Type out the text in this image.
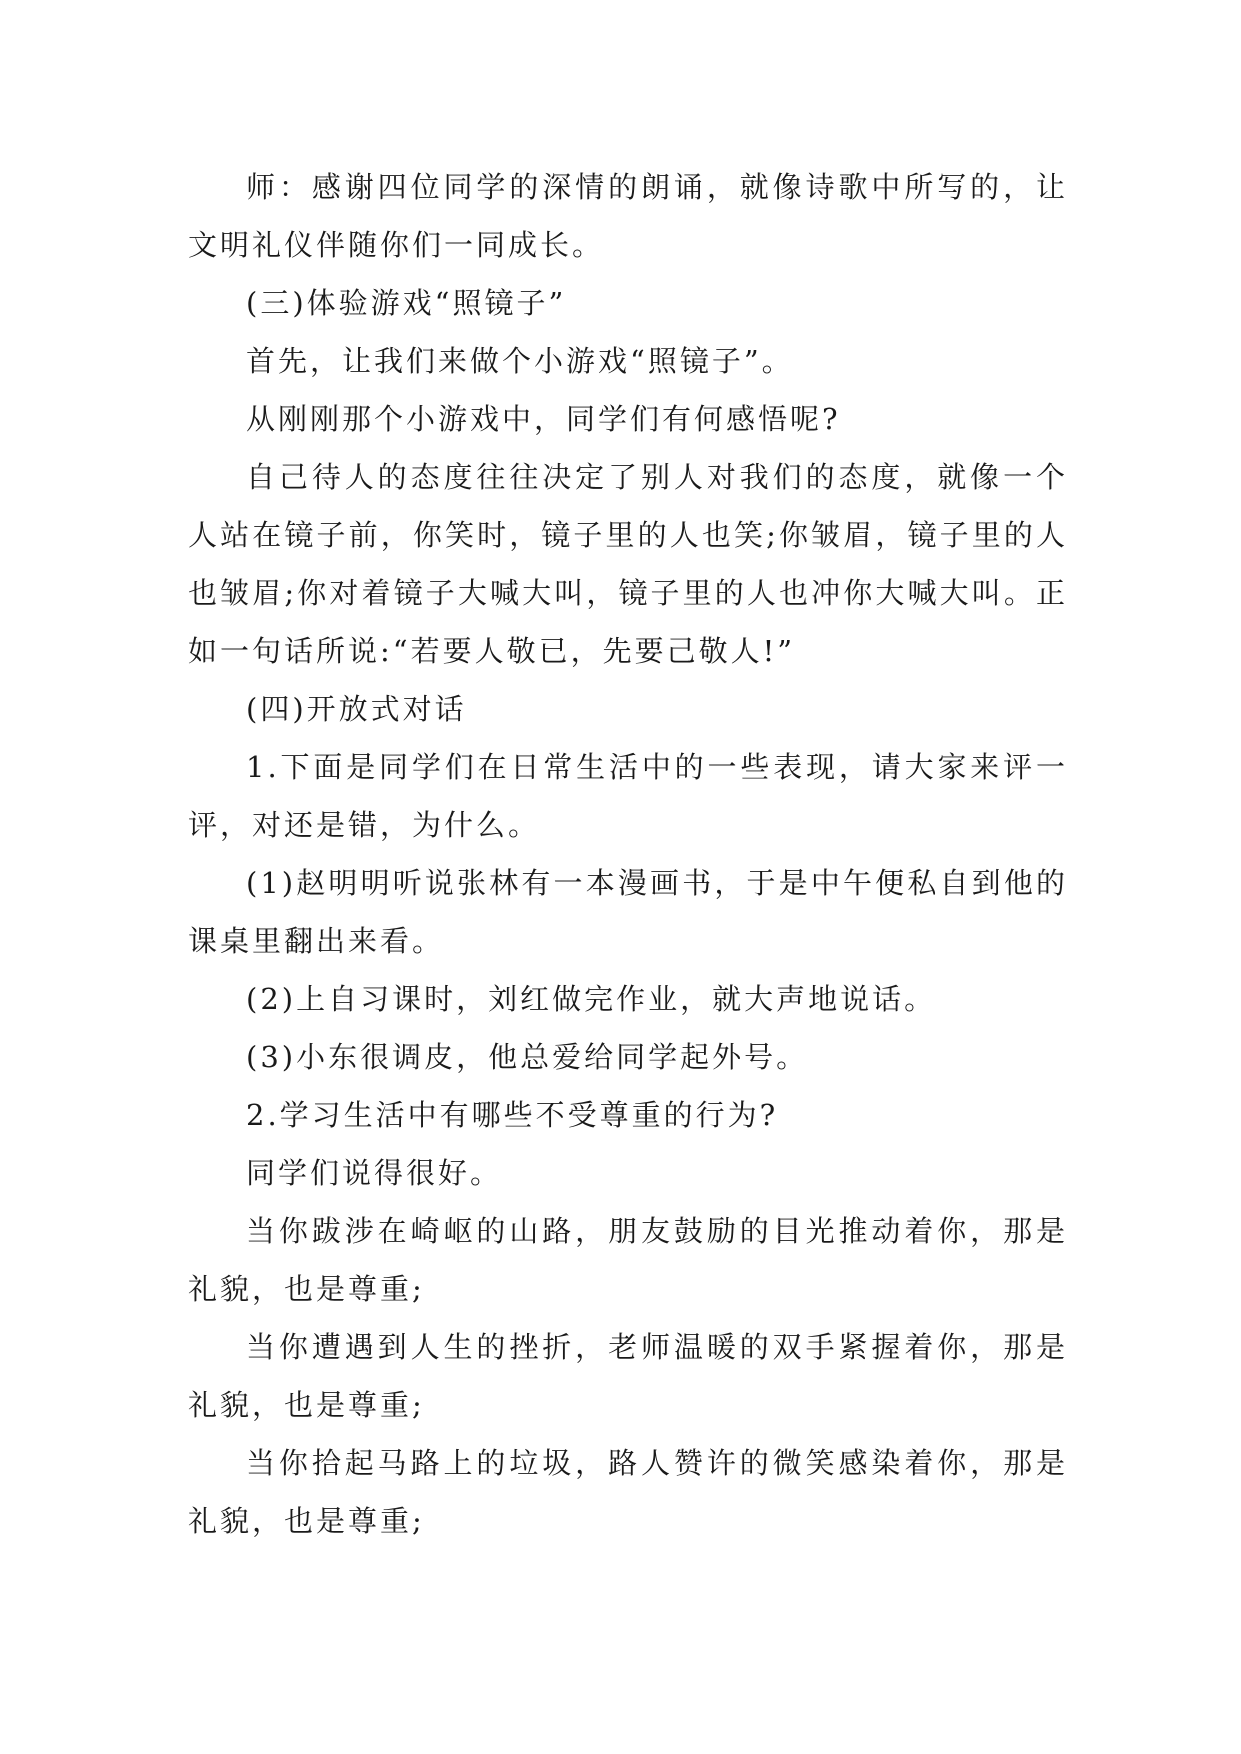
师：感谢四位同学的深情的朗诵，就像诗歌中所写的，让文明礼仪伴随你们一同成长。

(三)体验游戏“照镜子”

首先，让我们来做个小游戏“照镜子”。

从刚刚那个小游戏中，同学们有何感悟呢?

自己待人的态度往往决定了别人对我们的态度，就像一个人站在镜子前，你笑时，镜子里的人也笑;你皱眉，镜子里的人也皱眉;你对着镜子大喊大叫，镜子里的人也冲你大喊大叫。正如一句话所说:“若要人敬已，先要己敬人!”

(四)开放式对话

1.下面是同学们在日常生活中的一些表现，请大家来评一评，对还是错，为什么。

(1)赵明明听说张林有一本漫画书，于是中午便私自到他的课桌里翻出来看。

(2)上自习课时，刘红做完作业，就大声地说话。

(3)小东很调皮，他总爱给同学起外号。

2.学习生活中有哪些不受尊重的行为?

同学们说得很好。

当你跋涉在崎岖的山路，朋友鼓励的目光推动着你，那是礼貌，也是尊重;

当你遭遇到人生的挫折，老师温暖的双手紧握着你，那是礼貌，也是尊重;

当你拾起马路上的垃圾，路人赞许的微笑感染着你，那是礼貌，也是尊重;
